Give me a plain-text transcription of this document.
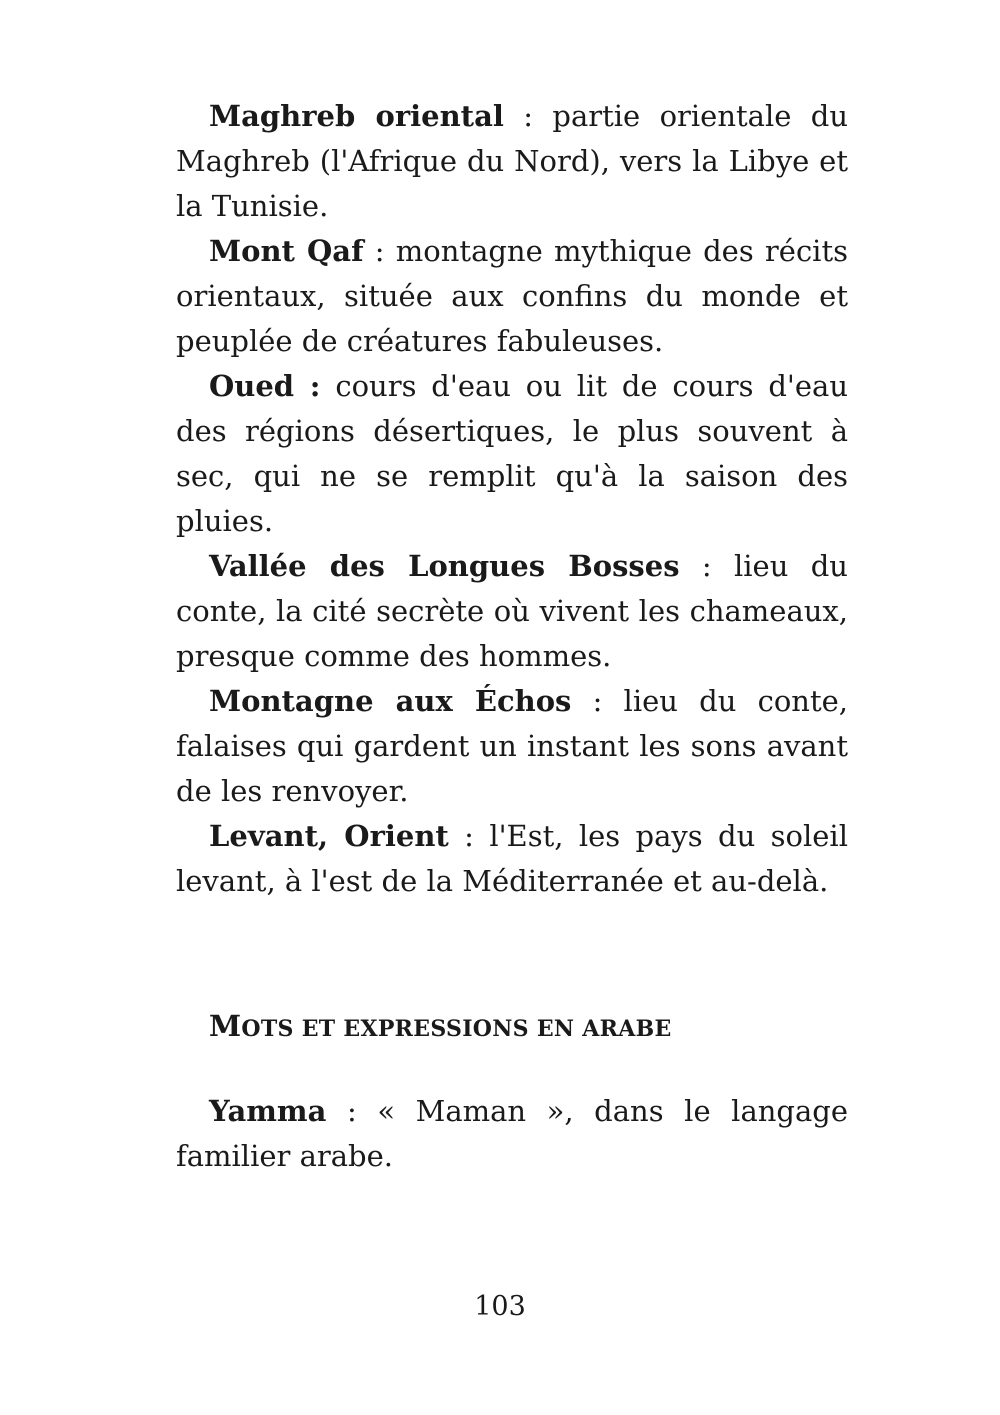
Maghreb oriental : partie orientale du Maghreb (l'Afrique du Nord), vers la Libye et la Tunisie.

Mont Qaf : montagne mythique des récits orientaux, située aux confins du monde et peuplée de créatures fabuleuses.

Oued : cours d'eau ou lit de cours d'eau des régions désertiques, le plus souvent à sec, qui ne se remplit qu'à la saison des pluies.

Vallée des Longues Bosses : lieu du conte, la cité secrète où vivent les chameaux, presque comme des hommes.

Montagne aux Échos : lieu du conte, falaises qui gardent un instant les sons avant de les renvoyer.

Levant, Orient : l'Est, les pays du soleil levant, à l'est de la Méditerranée et au-delà.

MOTS ET EXPRESSIONS EN ARABE

Yamma : « Maman », dans le langage familier arabe.

103
